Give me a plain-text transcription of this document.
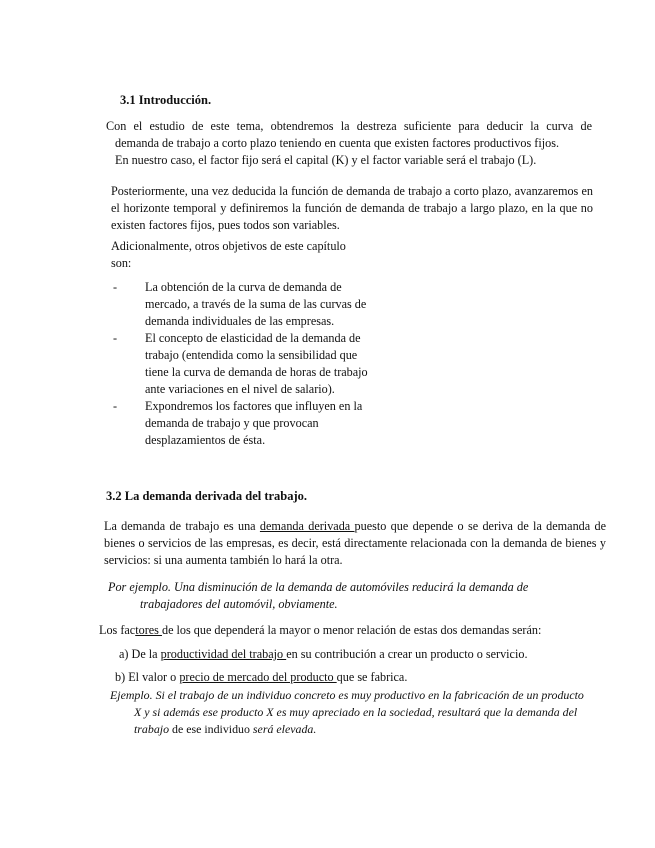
3.1 Introducción.
Con el estudio de este tema, obtendremos la destreza suficiente para deducir la curva de
demanda de trabajo a corto plazo teniendo en cuenta que existen factores productivos fijos.
En nuestro caso, el factor fijo será el capital (K) y el factor variable será el trabajo (L).
Posteriormente, una vez deducida la función de demanda de trabajo a corto plazo, avanzaremos en el horizonte temporal y definiremos la función de demanda de trabajo a largo plazo, en la que no existen factores fijos, pues todos son variables.
Adicionalmente, otros objetivos de este capítulo
son:
- La obtención de la curva de demanda de mercado, a través de la suma de las curvas de demanda individuales de las empresas.
- El concepto de elasticidad de la demanda de trabajo (entendida como la sensibilidad que tiene la curva de demanda de horas de trabajo ante variaciones en el nivel de salario).
- Expondremos los factores que influyen en la demanda de trabajo y que provocan desplazamientos de ésta.
3.2 La demanda derivada del trabajo.
La demanda de trabajo es una demanda derivada puesto que depende o se deriva de la demanda de bienes o servicios de las empresas, es decir, está directamente relacionada con la demanda de bienes y servicios: si una aumenta también lo hará la otra.
Por ejemplo. Una disminución de la demanda de automóviles reducirá la demanda de
trabajadores del automóvil, obviamente.
Los factores de los que dependerá la mayor o menor relación de estas dos demandas serán:
a) De la productividad del trabajo en su contribución a crear un producto o servicio.
b) El valor o precio de mercado del producto que se fabrica.
Ejemplo. Si el trabajo de un individuo concreto es muy productivo en la fabricación de un producto
X y si además ese producto X es muy apreciado en la sociedad, resultará que la demanda del
trabajo de ese individuo será elevada.
